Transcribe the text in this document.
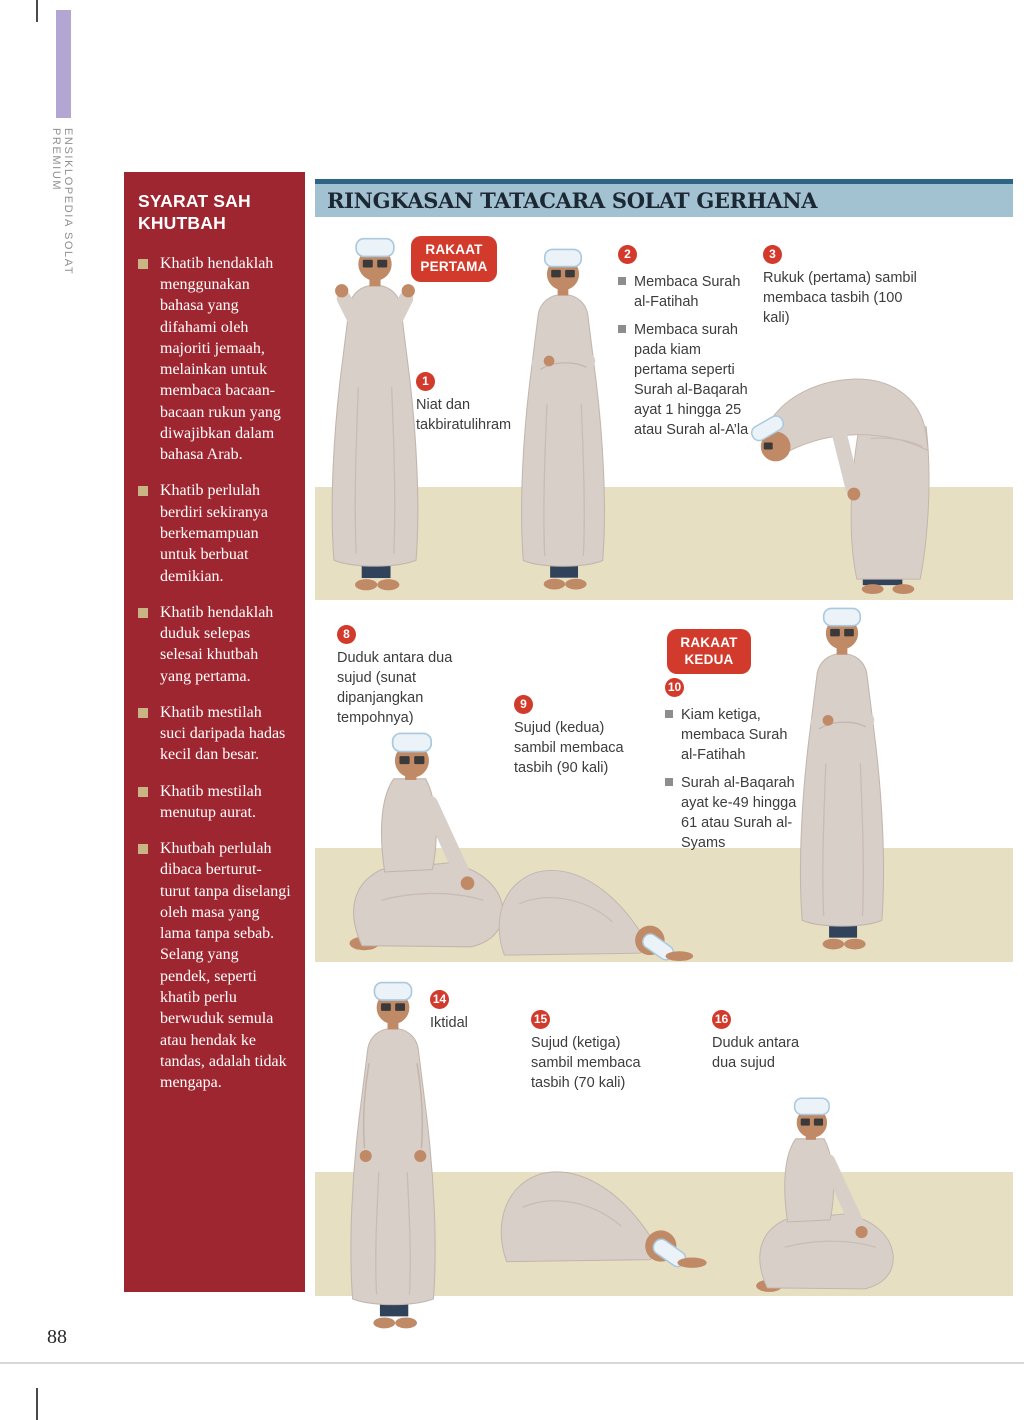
ENSIKLOPEDIA SOLAT PREMIUM
SYARAT SAH KHUTBAH
Khatib hendaklah menggunakan bahasa yang difahami oleh majoriti jemaah, melainkan untuk membaca bacaan-bacaan rukun yang diwajibkan dalam bahasa Arab.
Khatib perlulah berdiri sekiranya berkemampuan untuk berbuat demikian.
Khatib hendaklah duduk selepas selesai khutbah yang pertama.
Khatib mestilah suci daripada hadas kecil dan besar.
Khatib mestilah menutup aurat.
Khutbah perlulah dibaca berturut-turut tanpa diselangi oleh masa yang lama tanpa sebab. Selang yang pendek, seperti khatib perlu berwuduk semula atau hendak ke tandas, adalah tidak mengapa.
RINGKASAN TATACARA SOLAT GERHANA
RAKAAT
PERTAMA
RAKAAT
KEDUA
1
Niat dan takbiratulihram
2
Membaca Surah al-Fatihah
Membaca surah pada kiam pertama seperti Surah al-Baqarah ayat 1 hingga 25 atau Surah al-A’la
3
Rukuk (pertama) sambil membaca tasbih (100 kali)
8
Duduk antara dua sujud (sunat dipanjangkan tempohnya)
9
Sujud (kedua) sambil membaca tasbih (90 kali)
10
Kiam ketiga, membaca Surah al-Fatihah
Surah al-Baqarah ayat ke-49 hingga 61 atau Surah al-Syams
14
Iktidal	15
Sujud (ketiga) sambil membaca tasbih (70 kali)
16
Duduk antara dua sujud
88
